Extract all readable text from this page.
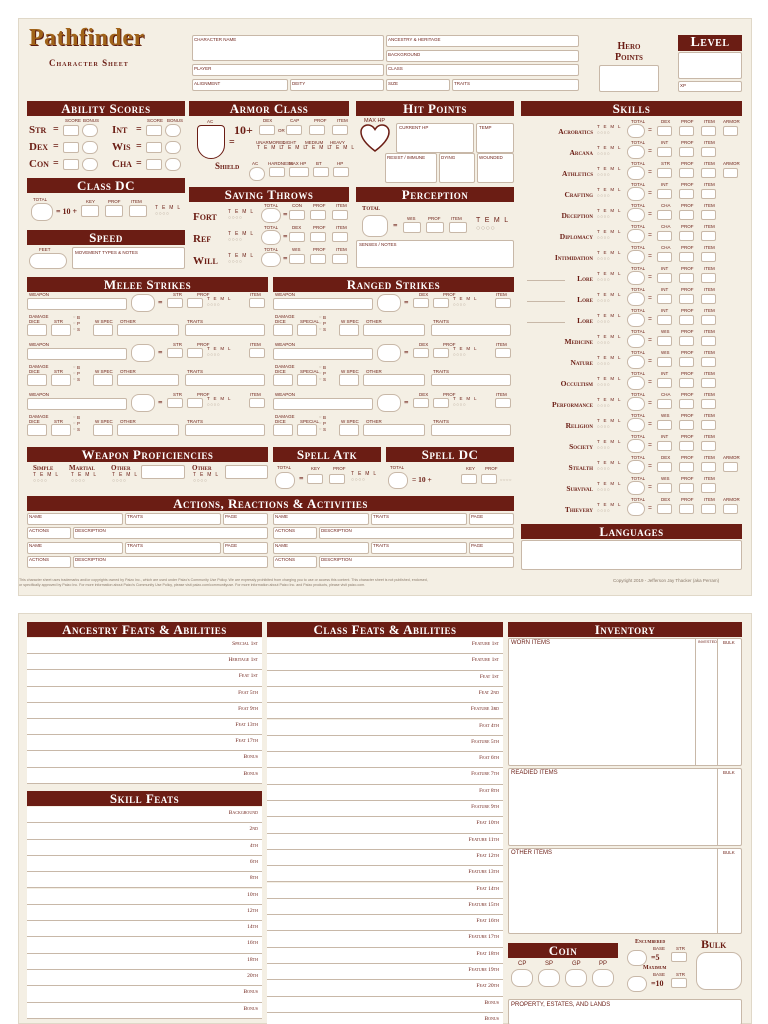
Pathfinder
Character Sheet
CHARACTER NAME
PLAYER
ALIGNMENT	DEITY
ANCESTRY & HERITAGE
BACKGROUND
CLASS
SIZE	TRAITS
Hero Points
Level
XP
Ability Scores
SCORE BONUS	SCORE BONUS
Str =	Int =
Dex =	Wis =
Con =	Cha =
Armor Class
AC
10+
DEX	CAP	PROF ITEM
OR
=	UNARMORED
LIGHT MEDIUM HEAVY
T E M L
T E M L
T E M L
T E M L
Shield	AC HARDNESS
MAX HP BT	HP
Hit Points
MAX HP
CURRENT HP	TEMP
RESIST / IMMUNE	DYING	WOUNDED
Class DC
TOTAL
= 10 +
KEY	PROF ITEM
T E M L
○○○○
Saving Throws
Fort T E M L
○○○○
TOTAL
=
CON PROF ITEM
Ref	T E M L
○○○○
TOTAL
=
DEX	PROF ITEM
Will T E M L
○○○○
TOTAL
=
WIS	PROF ITEM
Perception
Total
=
WIS	PROF ITEM T E M L
○○○○
SENSES / NOTES
Speed
FEET
MOVEMENT TYPES & NOTES
Skills
Acrobatics
T E M L
○○○○
TOTAL	DEX PROF ITEM
=
ARMOR
Arcana
T E M L
○○○○
TOTAL	INT	PROF ITEM
=
Athletics
T E M L
○○○○
TOTAL	STR PROF ITEM
=
ARMOR
Crafting
T E M L
○○○○
TOTAL	INT	PROF ITEM
=
Deception
T E M L
○○○○
TOTAL	CHA PROF ITEM
=
Diplomacy
T E M L
○○○○
TOTAL	CHA PROF ITEM
=
Intimidation
T E M L
○○○○
TOTAL	CHA PROF ITEM
=
Lore
T E M L
○○○○
TOTAL	INT	PROF ITEM
=
Lore
T E M L
○○○○
TOTAL	INT	PROF ITEM
=
Lore
T E M L
○○○○
TOTAL	INT	PROF ITEM
=
Medicine
T E M L
○○○○
TOTAL	WIS	PROF ITEM
=
Nature
T E M L
○○○○
TOTAL	WIS	PROF ITEM
=
Occultism
T E M L
○○○○
TOTAL	INT	PROF ITEM
=
Performance
T E M L
○○○○
TOTAL	CHA PROF ITEM
=
Religion
T E M L
○○○○
TOTAL	WIS	PROF ITEM
=
Society
T E M L
○○○○
TOTAL	INT	PROF ITEM
=
Stealth
T E M L
○○○○
TOTAL	DEX PROF ITEM
=
ARMOR
Survival
T E M L
○○○○
TOTAL	WIS	PROF ITEM
=
Thievery
T E M L
○○○○
TOTAL	DEX PROF ITEM
=
ARMOR
Melee Strikes	Ranged Strikes
WEAPON
=
STR	PROF
T E M L
○○○○
ITEM
DAMAGE
DICE	STR
B
○
P
○
S
○
W SPEC OTHER	TRAITS
WEAPON
=
STR	PROF
T E M L
○○○○
ITEM
DAMAGE
DICE	STR
B
○
P
○
S
○
W SPEC OTHER	TRAITS
WEAPON
=
STR	PROF
T E M L
○○○○
ITEM
DAMAGE
DICE	STR
B
○
P
○
S
○
W SPEC OTHER	TRAITS
WEAPON
=
DEX	PROF
T E M L
○○○○
ITEM
DAMAGE
DICE	SPECIAL
B
○
P
○
S
○
W SPEC OTHER	TRAITS
WEAPON
=
DEX	PROF
T E M L
○○○○
ITEM
DAMAGE
DICE	SPECIAL
B
○
P
○
S
○
W SPEC OTHER	TRAITS
WEAPON
=
DEX	PROF
T E M L
○○○○
ITEM
DAMAGE
DICE	SPECIAL
B
○
P
○
S
○
W SPEC OTHER	TRAITS
Weapon Proficiencies
Simple Martial Other	Other
T E M L T E M L	T E M L	T E M L
○○○○	○○○○	○○○○	○○○○
Spell Atk
TOTAL
=
KEY	PROF
T E M L
○○○○
Spell DC
TOTAL
= 10 +
KEY PROF
○○○○
Actions, Reactions & Activities
NAME	TRAITS	PAGE
ACTIONS	DESCRIPTION
NAME	TRAITS	PAGE
ACTIONS	DESCRIPTION
NAME	TRAITS	PAGE
ACTIONS	DESCRIPTION
NAME	TRAITS	PAGE
ACTIONS	DESCRIPTION
Languages
This character sheet uses trademarks and/or copyrights owned by Paizo Inc., which are used under Paizo's Community Use Policy. We are expressly prohibited from charging you to use or access this content. This character sheet is not published, endorsed,
or specifically approved by Paizo Inc. For more information about Paizo's Community Use Policy, please visit paizo.com/communityuse. For more information about Paizo Inc. and Paizo products, please visit paizo.com.
Copyright 2019 - Jefferson Jay Thacker (aka Perram)
Ancestry Feats & Abilities
Special 1st
Heritage 1st
Feat 1st
Feat 5th
Feat 9th
Feat 13th
Feat 17th
Bonus
Bonus
Class Feats & Abilities
Feature 1st
Feature 1st
Feat 1st
Feat 2nd
Feature 3rd
Feat 4th
Feature 5th
Feat 6th
Feature 7th
Feat 8th
Feature 9th
Feat 10th
Feature 11th
Feat 12th
Feature 13th
Feat 14th
Feature 15th
Feat 16th
Feature 17th
Feat 18th
Feature 19th
Feat 20th
Bonus
Bonus
Skill Feats
Background
2nd
4th
6th
8th
10th
12th
14th
16th
18th
20th
Bonus
Bonus
Inventory
WORN ITEMS	INVESTED BULK
READIED ITEMS	BULK
OTHER ITEMS	BULK
Coin
CP	SP	GP	PP
Encumbered
BASE STR
=5
Maximum
BASE STR
=10
Bulk
PROPERTY, ESTATES, AND LANDS
